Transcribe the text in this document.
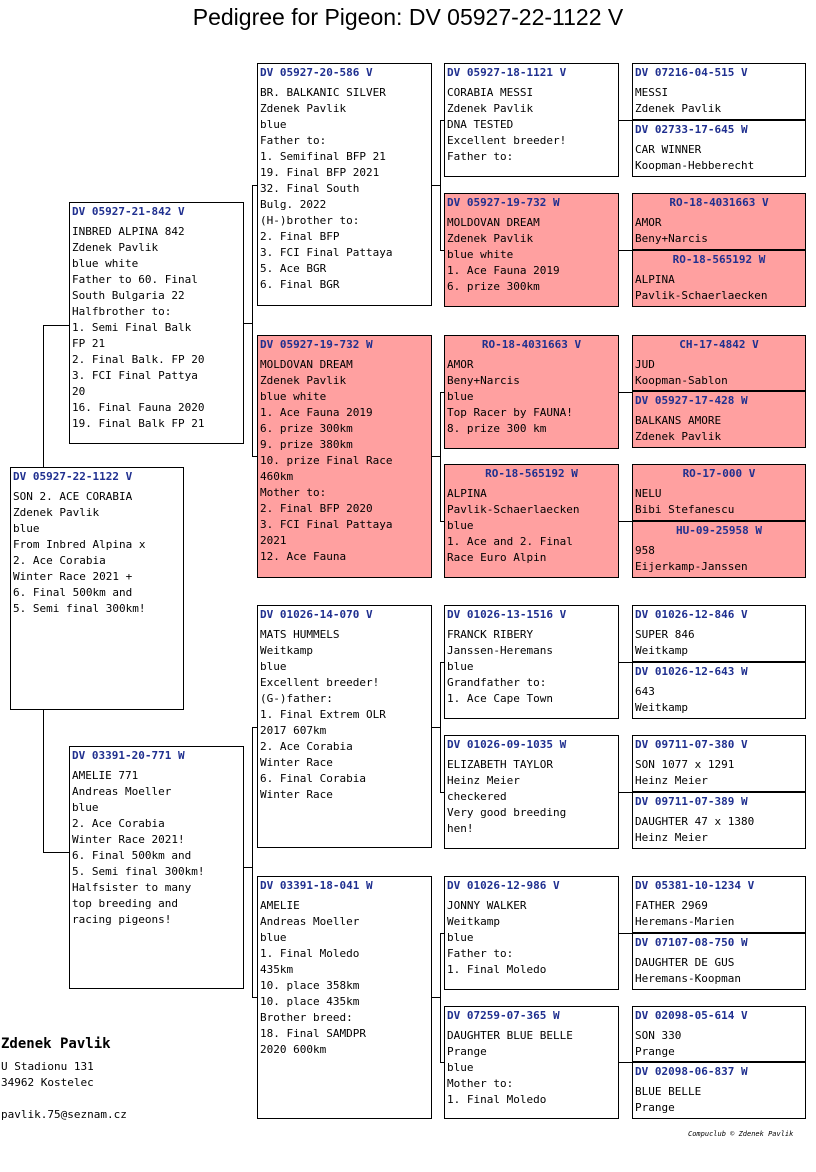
Pedigree for Pigeon: DV 05927-22-1122 V
DV 05927-22-1122 V
SON 2. ACE CORABIA
Zdenek Pavlik
blue
From Inbred Alpina x
2. Ace Corabia
Winter Race 2021 +
6. Final 500km and
5. Semi final 300km!
DV 05927-21-842 V
INBRED ALPINA 842
Zdenek Pavlik
blue white
Father to 60. Final
South Bulgaria 22
Halfbrother to:
1. Semi Final Balk
FP 21
2. Final Balk. FP 20
3. FCI Final Pattya
20
16. Final Fauna 2020
19. Final Balk FP 21
DV 03391-20-771 W
AMELIE 771
Andreas Moeller
blue
2. Ace Corabia
Winter Race 2021!
6. Final 500km and
5. Semi final 300km!
Halfsister to many
top breeding and
racing pigeons!
DV 05927-20-586 V
BR. BALKANIC SILVER
Zdenek Pavlik
blue
Father to:
1. Semifinal BFP 21
19. Final BFP 2021
32. Final South
Bulg. 2022
(H-)brother to:
2. Final BFP
3. FCI Final Pattaya
5. Ace BGR
6. Final BGR
DV 05927-19-732 W
MOLDOVAN DREAM
Zdenek Pavlik
blue white
1. Ace Fauna 2019
6. prize 300km
9. prize 380km
10. prize Final Race
460km
Mother to:
2. Final BFP 2020
3. FCI Final Pattaya
2021
12. Ace Fauna
DV 01026-14-070 V
MATS HUMMELS
Weitkamp
blue
Excellent breeder!
(G-)father:
1. Final Extrem OLR
2017 607km
2. Ace Corabia
Winter Race
6. Final Corabia
Winter Race
DV 03391-18-041 W
AMELIE
Andreas Moeller
blue
1. Final Moledo
435km
10. place 358km
10. place 435km
Brother breed:
18. Final SAMDPR
2020 600km
DV 05927-18-1121 V
CORABIA MESSI
Zdenek Pavlik
DNA TESTED
Excellent breeder!
Father to:
DV 05927-19-732 W
MOLDOVAN DREAM
Zdenek Pavlik
blue white
1. Ace Fauna 2019
6. prize 300km
RO-18-4031663 V
AMOR
Beny+Narcis
blue
Top Racer by FAUNA!
8. prize 300 km
RO-18-565192 W
ALPINA
Pavlik-Schaerlaecken
blue
1. Ace and 2. Final
Race Euro Alpin
DV 01026-13-1516 V
FRANCK RIBERY
Janssen-Heremans
blue
Grandfather to:
1. Ace Cape Town
DV 01026-09-1035 W
ELIZABETH TAYLOR
Heinz Meier
checkered
Very good breeding
hen!
DV 01026-12-986 V
JONNY WALKER
Weitkamp
blue
Father to:
1. Final Moledo
DV 07259-07-365 W
DAUGHTER BLUE BELLE
Prange
blue
Mother to:
1. Final Moledo
DV 07216-04-515 V
MESSI
Zdenek Pavlik
DV 02733-17-645 W
CAR WINNER
Koopman-Hebberecht
RO-18-4031663 V
AMOR
Beny+Narcis
RO-18-565192 W
ALPINA
Pavlik-Schaerlaecken
CH-17-4842 V
JUD
Koopman-Sablon
DV 05927-17-428 W
BALKANS AMORE
Zdenek Pavlik
RO-17-000 V
NELU
Bibi Stefanescu
HU-09-25958 W
958
Eijerkamp-Janssen
DV 01026-12-846 V
SUPER 846
Weitkamp
DV 01026-12-643 W
643
Weitkamp
DV 09711-07-380 V
SON 1077 x 1291
Heinz Meier
DV 09711-07-389 W
DAUGHTER 47 x 1380
Heinz Meier
DV 05381-10-1234 V
FATHER 2969
Heremans-Marien
DV 07107-08-750 W
DAUGHTER DE GUS
Heremans-Koopman
DV 02098-05-614 V
SON 330
Prange
DV 02098-06-837 W
BLUE BELLE
Prange
Zdenek Pavlik
U Stadionu 131
34962 Kostelec
pavlik.75@seznam.cz
Compuclub © Zdenek Pavlik
